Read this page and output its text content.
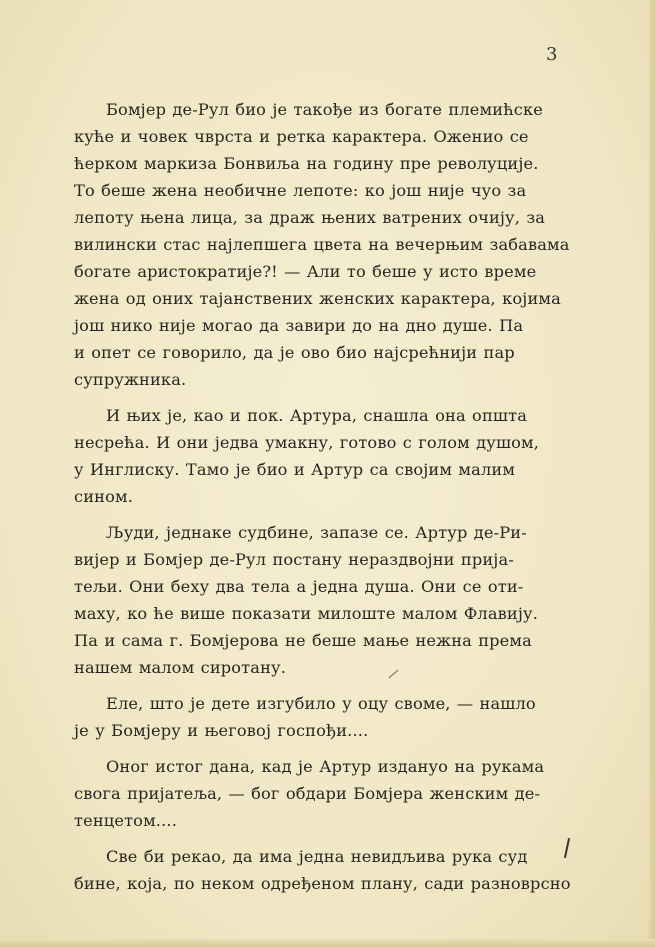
3

Бомјер де-Рул био је такође из богате племићске
куће и човек чврста и ретка карактера. Оженио се
ћерком маркиза Бонвиља на годину пре револуције.
То беше жена необичне лепоте: ко још није чуо за
лепоту њена лица, за драж њених ватрених очију, за
вилински стас најлепшега цвета на вечерњим забавама
богате аристократије?! — Али то беше у исто време
жена од оних тајанствених женских карактера, којима
још нико није могао да завири до на дно душе. Па
и опет се говорило, да је ово био најсрећнији пар
супружника.

И њих је, као и пок. Артура, снашла она општа
несрећа. И они једва умакну, готово с голом душом,
у Инглиску. Тамо је био и Артур са својим малим
сином.

Људи, једнаке судбине, запазе се. Артур де-Ри-
вијер и Бомјер де-Рул постану нераздвојни прија-
тељи. Они беху два тела а једна душа. Они се оти-
маху, ко ће више показати милоште малом Флавију.
Па и сама г. Бомјерова не беше мање нежна према
нашем малом сиротану.

Еле, што је дете изгубило у оцу своме, — нашло
је у Бомјеру и његовој госпођи....

Оног истог дана, кад је Артур издануо на рукама
свога пријатеља, — бог обдари Бомјера женским де-
тенцетом....

Све би рекао, да има једна невидљива рука суд
бине, која, по неком одређеном плану, сади разноврсно
